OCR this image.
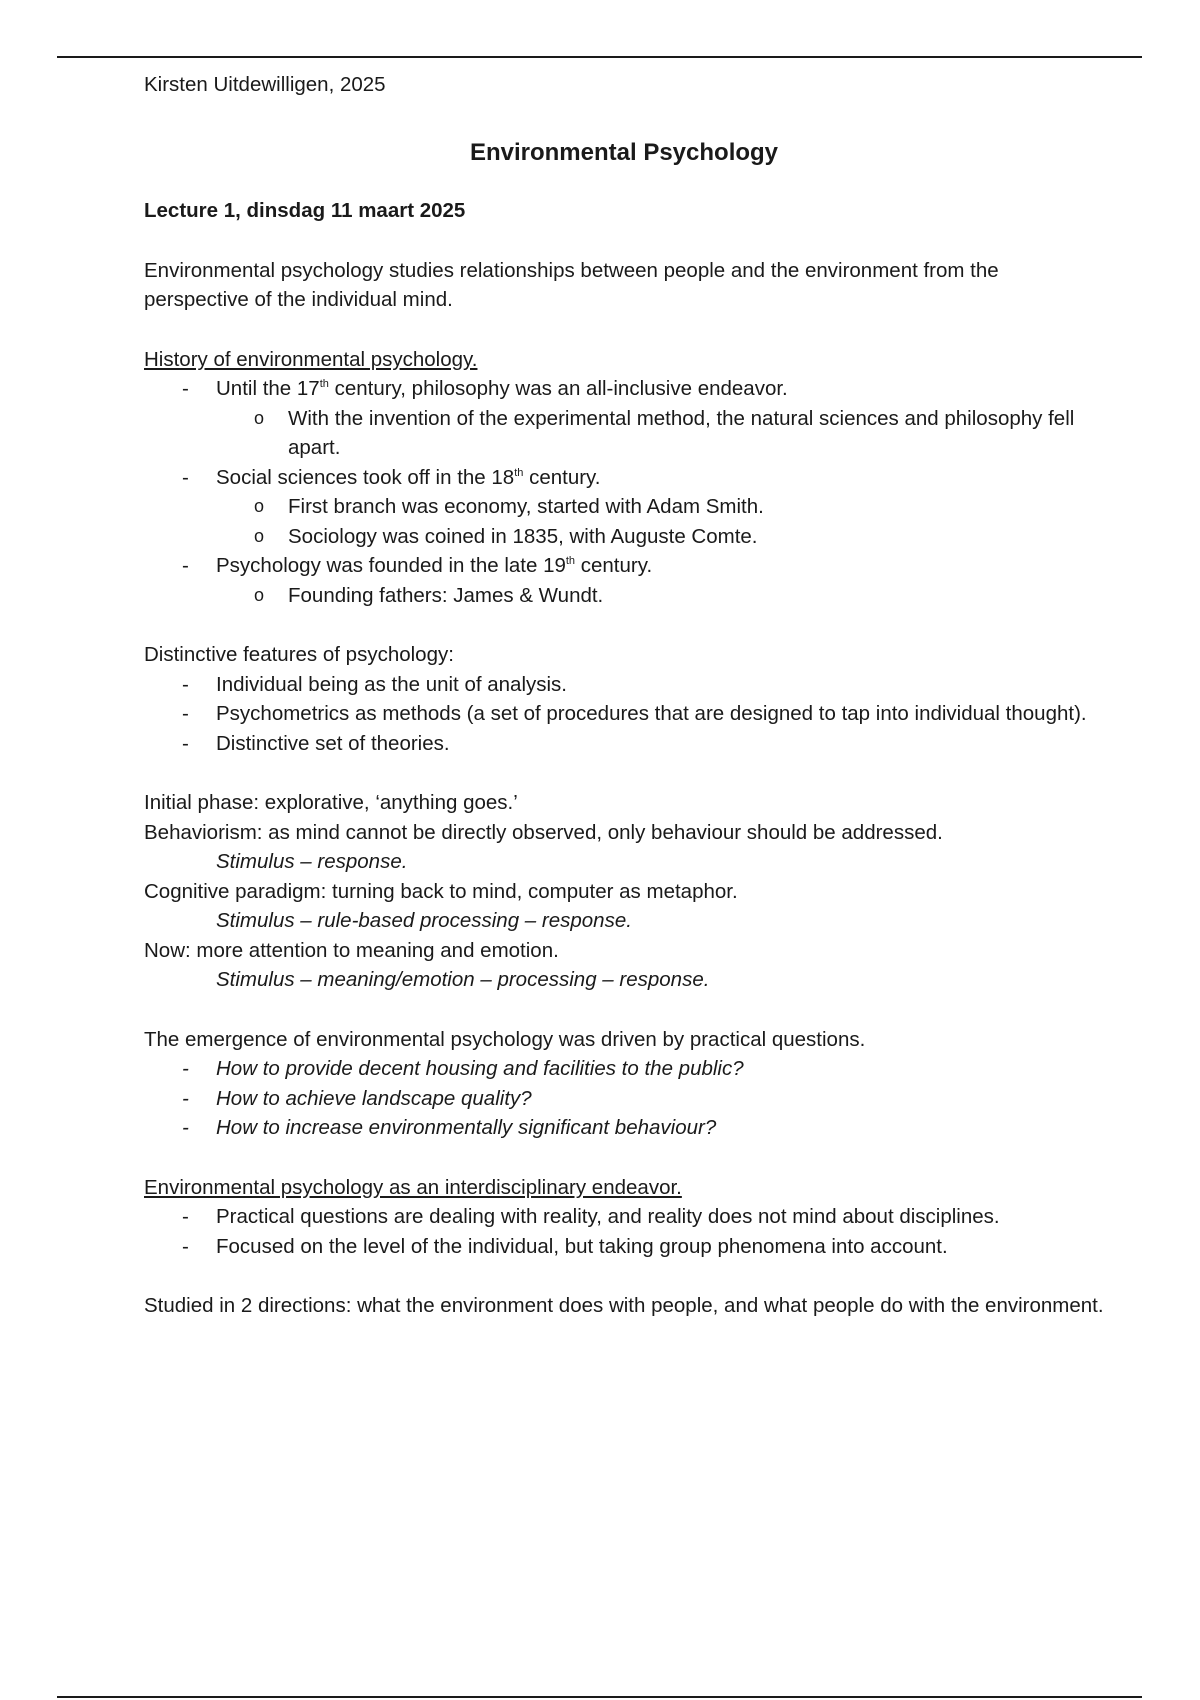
Kirsten Uitdewilligen, 2025

Environmental Psychology
Lecture 1, dinsdag 11 maart 2025

Environmental psychology studies relationships between people and the environment from the perspective of the individual mind.

History of environmental psychology.

- Until the 17th century, philosophy was an all-inclusive endeavor.
o With the invention of the experimental method, the natural sciences and philosophy fell apart.
- Social sciences took off in the 18th century.
o First branch was economy, started with Adam Smith.
o Sociology was coined in 1835, with Auguste Comte.
- Psychology was founded in the late 19th century.
o Founding fathers: James & Wundt.

Distinctive features of psychology:

- Individual being as the unit of analysis.
- Psychometrics as methods (a set of procedures that are designed to tap into individual thought).
- Distinctive set of theories.

Initial phase: explorative, ‘anything goes.’

Behaviorism: as mind cannot be directly observed, only behaviour should be addressed.

Stimulus – response.

Cognitive paradigm: turning back to mind, computer as metaphor.

Stimulus – rule-based processing – response.

Now: more attention to meaning and emotion.

Stimulus – meaning/emotion – processing – response.

The emergence of environmental psychology was driven by practical questions.

- How to provide decent housing and facilities to the public?
- How to achieve landscape quality?
- How to increase environmentally significant behaviour?

Environmental psychology as an interdisciplinary endeavor.

- Practical questions are dealing with reality, and reality does not mind about disciplines.
- Focused on the level of the individual, but taking group phenomena into account.

Studied in 2 directions: what the environment does with people, and what people do with the environment.
